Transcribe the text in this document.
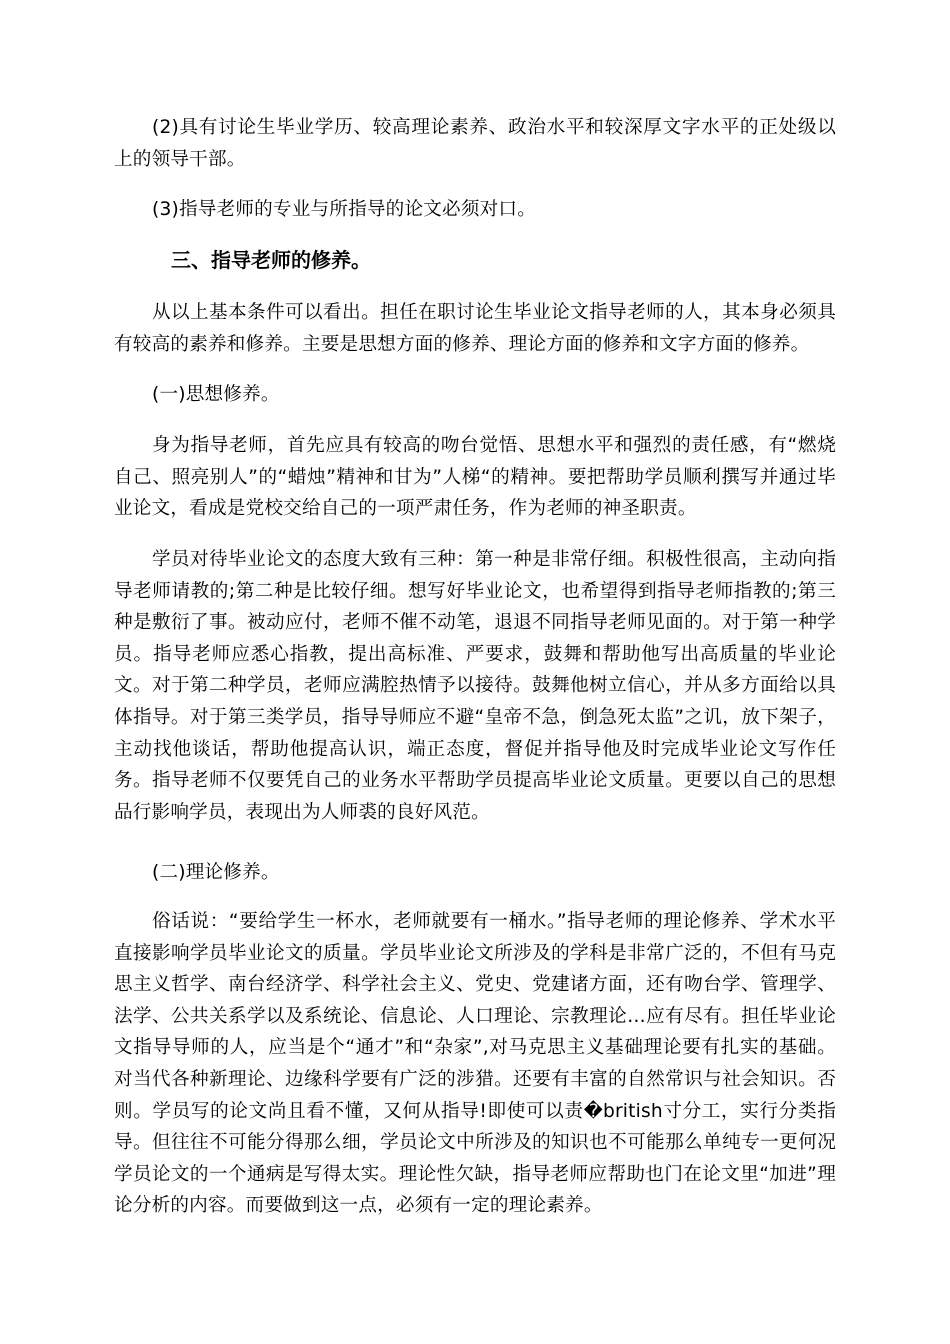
(2)具有讨论生毕业学历、较高理论素养、政治水平和较深厚文字水平的正处级以上的领导干部。

(3)指导老师的专业与所指导的论文必须对口。

三、指导老师的修养。

从以上基本条件可以看出。担任在职讨论生毕业论文指导老师的人，其本身必须具有较高的素养和修养。主要是思想方面的修养、理论方面的修养和文字方面的修养。

(一)思想修养。

身为指导老师，首先应具有较高的吻台觉悟、思想水平和强烈的责任感，有“燃烧自己、照亮别人”的“蜡烛”精神和甘为”人梯“的精神。要把帮助学员顺利撰写并通过毕业论文，看成是党校交给自己的一项严肃任务，作为老师的神圣职责。

学员对待毕业论文的态度大致有三种：第一种是非常仔细。积极性很高，主动向指导老师请教的;第二种是比较仔细。想写好毕业论文，也希望得到指导老师指教的;第三种是敷衍了事。被动应付，老师不催不动笔，退退不同指导老师见面的。对于第一种学员。指导老师应悉心指教，提出高标准、严要求，鼓舞和帮助他写出高质量的毕业论文。对于第二种学员，老师应满腔热情予以接待。鼓舞他树立信心，并从多方面给以具体指导。对于第三类学员，指导导师应不避“皇帝不急，倒急死太监”之讥，放下架子，主动找他谈话，帮助他提高认识，端正态度，督促并指导他及时完成毕业论文写作任务。指导老师不仅要凭自己的业务水平帮助学员提高毕业论文质量。更要以自己的思想品行影响学员，表现出为人师裘的良好风范。

(二)理论修养。

俗话说：“要给学生一杯水，老师就要有一桶水。”指导老师的理论修养、学术水平直接影响学员毕业论文的质量。学员毕业论文所涉及的学科是非常广泛的，不但有马克思主义哲学、南台经济学、科学社会主义、党史、党建诸方面，还有吻台学、管理学、法学、公共关系学以及系统论、信息论、人口理论、宗教理论…应有尽有。担任毕业论文指导导师的人，应当是个“通才”和“杂家”,对马克思主义基础理论要有扎实的基础。对当代各种新理论、边缘科学要有广泛的涉猎。还要有丰富的自然常识与社会知识。否则。学员写的论文尚且看不懂，又何从指导!即使可以责�british寸分工，实行分类指导。但往往不可能分得那么细，学员论文中所涉及的知识也不可能那么单纯专一更何况学员论文的一个通病是写得太实。理论性欠缺，指导老师应帮助也门在论文里“加进”理论分析的内容。而要做到这一点，必须有一定的理论素养。
